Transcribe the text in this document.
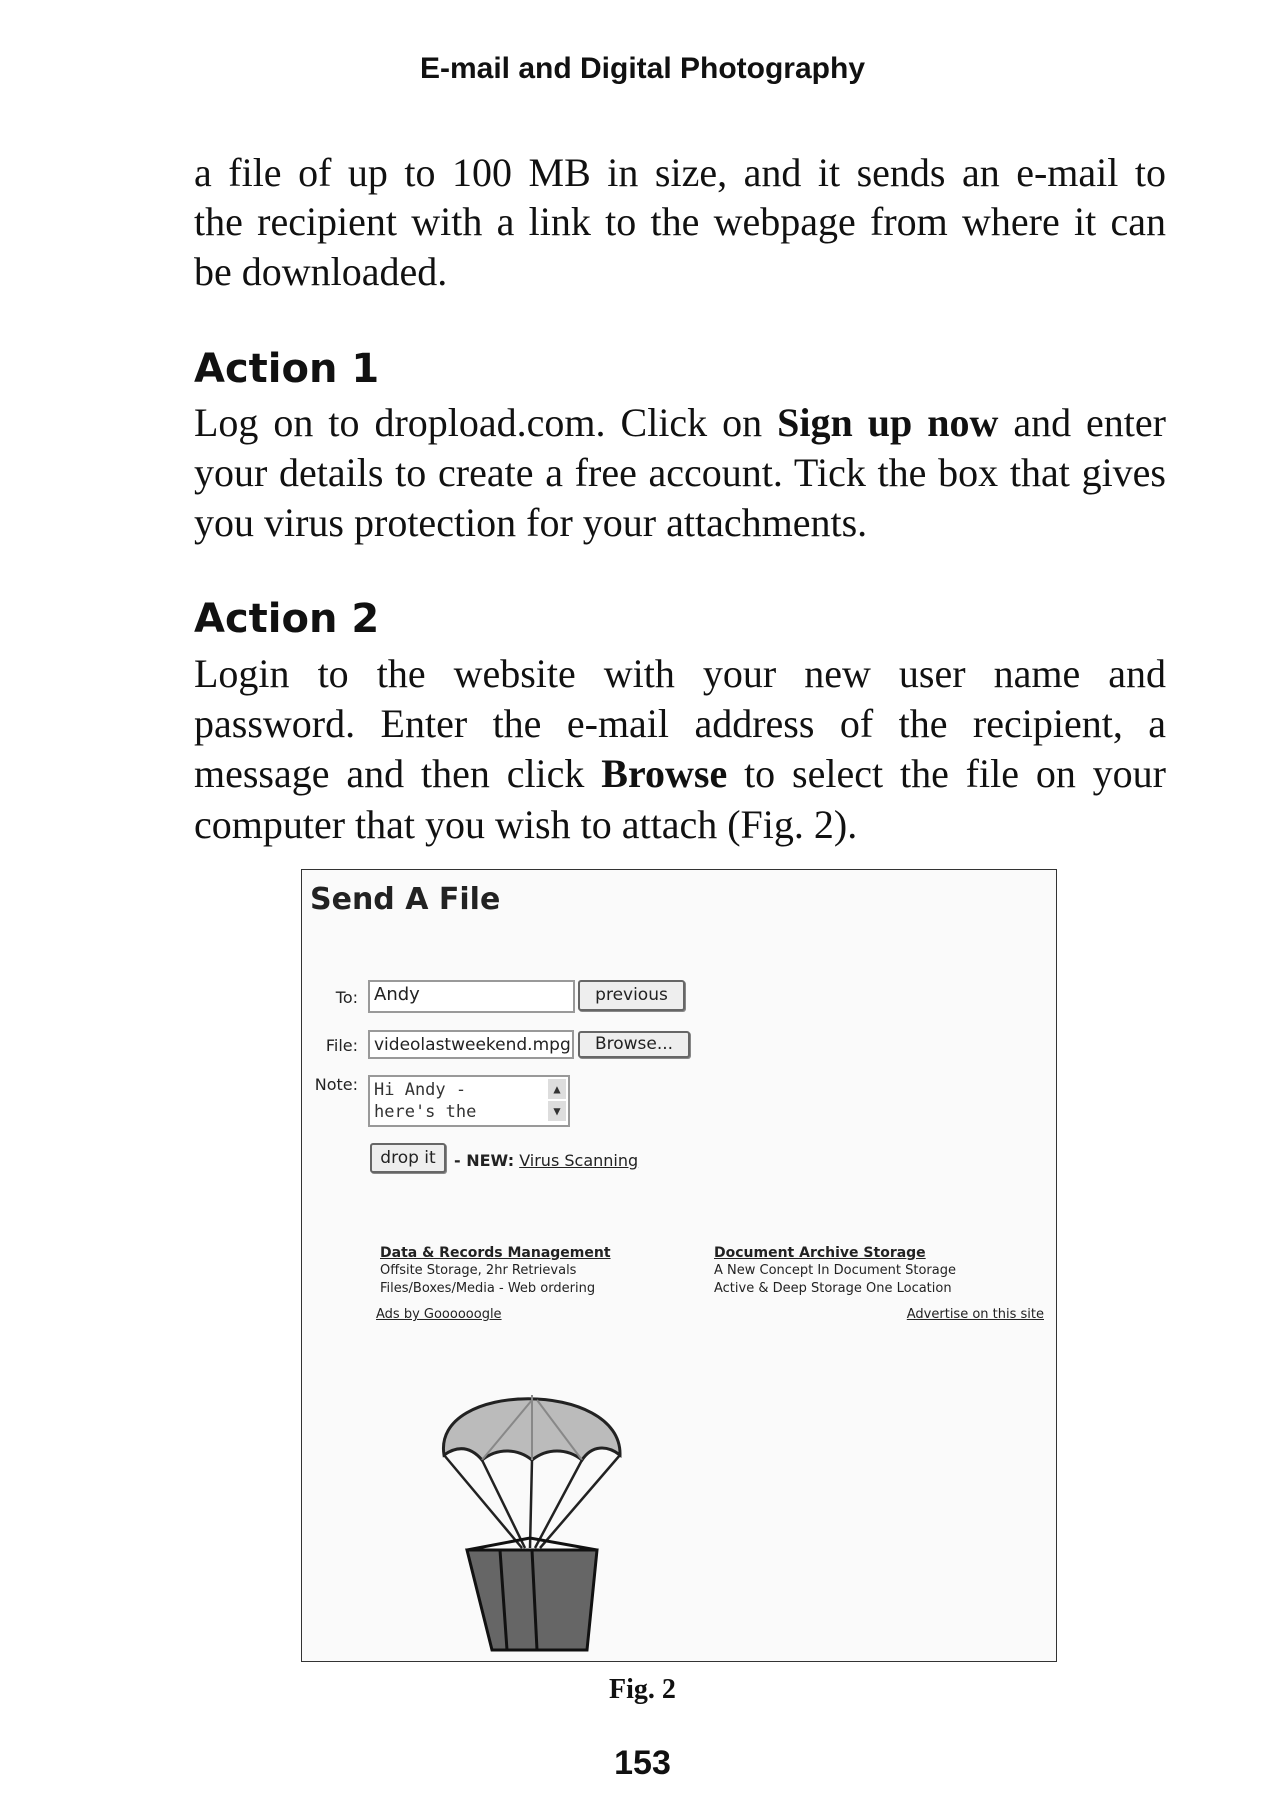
E-mail and Digital Photography
a file of up to 100 MB in size, and it sends an e-mail to
the recipient with a link to the webpage from where it can
be downloaded.
Action 1
Log on to dropload.com. Click on Sign up now and enter
your details to create a free account. Tick the box that gives
you virus protection for your attachments.
Action 2
Login to the website with your new user name and
password. Enter the e-mail address of the recipient, a
message and then click Browse to select the file on your
computer that you wish to attach (Fig. 2).
Send A File
To: Andy	previous
File: videolastweekend.mpg	Browse...
Note: Hi Andy -
here's the
▲
▼
drop it	- NEW: Virus Scanning
Data & Records Management
Offsite Storage, 2hr Retrievals
Files/Boxes/Media - Web ordering
Document Archive Storage
A New Concept In Document Storage
Active & Deep Storage One Location
Ads by Goooooogle	Advertise on this site
Fig. 2
153
